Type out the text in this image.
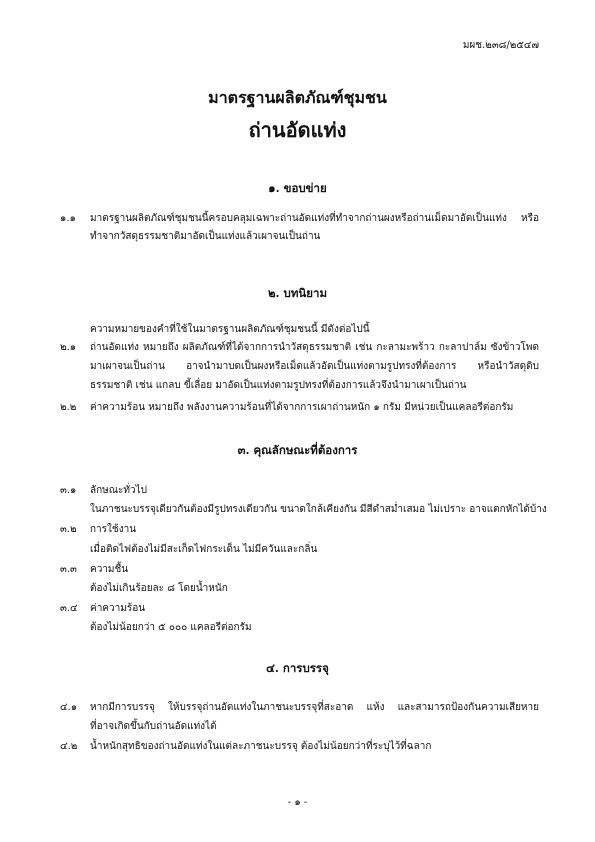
มผช.๒๓๘/๒๕๔๗
มาตรฐานผลิตภัณฑ์ชุมชน
ถ่านอัดแท่ง
๑. ขอบข่าย
๑.๑ มาตรฐานผลิตภัณฑ์ชุมชนนี้ครอบคลุมเฉพาะถ่านอัดแท่งที่ทำจากถ่านผงหรือถ่านเม็ดมาอัดเป็นแท่ง หรือ
ทำจากวัสดุธรรมชาติมาอัดเป็นแท่งแล้วเผาจนเป็นถ่าน
๒. บทนิยาม
ความหมายของคำที่ใช้ในมาตรฐานผลิตภัณฑ์ชุมชนนี้ มีดังต่อไปนี้
๒.๑ ถ่านอัดแท่ง หมายถึง ผลิตภัณฑ์ที่ได้จากการนำวัสดุธรรมชาติ เช่น กะลามะพร้าว กะลาปาล์ม ซังข้าวโพด
มาเผาจนเป็นถ่าน อาจนำมาบดเป็นผงหรือเม็ดแล้วอัดเป็นแท่งตามรูปทรงที่ต้องการ หรือนำวัสดุดิบ
ธรรมชาติ เช่น แกลบ ขี้เลื่อย มาอัดเป็นแท่งตามรูปทรงที่ต้องการแล้วจึงนำมาเผาเป็นถ่าน
๒.๒ ค่าความร้อน หมายถึง พลังงานความร้อนที่ได้จากการเผาถ่านหนัก ๑ กรัม มีหน่วยเป็นแคลอรีต่อกรัม
๓. คุณลักษณะที่ต้องการ
๓.๑ ลักษณะทั่วไป
ในภาชนะบรรจุเดียวกันต้องมีรูปทรงเดียวกัน ขนาดใกล้เคียงกัน มีสีดำสม่ำเสมอ ไม่เปราะ อาจแตกหักได้บ้าง
๓.๒ การใช้งาน
เมื่อติดไฟต้องไม่มีสะเก็ดไฟกระเด็น ไม่มีควันและกลิ่น
๓.๓ ความชื้น
ต้องไม่เกินร้อยละ ๘ โดยน้ำหนัก
๓.๔ ค่าความร้อน
ต้องไม่น้อยกว่า ๕ ๐๐๐ แคลอรีต่อกรัม
๔. การบรรจุ
๔.๑ หากมีการบรรจุ ให้บรรจุถ่านอัดแท่งในภาชนะบรรจุที่สะอาด แห้ง และสามารถป้องกันความเสียหาย
ที่อาจเกิดขึ้นกับถ่านอัดแท่งได้
๔.๒ น้ำหนักสุทธิของถ่านอัดแท่งในแต่ละภาชนะบรรจุ ต้องไม่น้อยกว่าที่ระบุไว้ที่ฉลาก
- ๑ -
